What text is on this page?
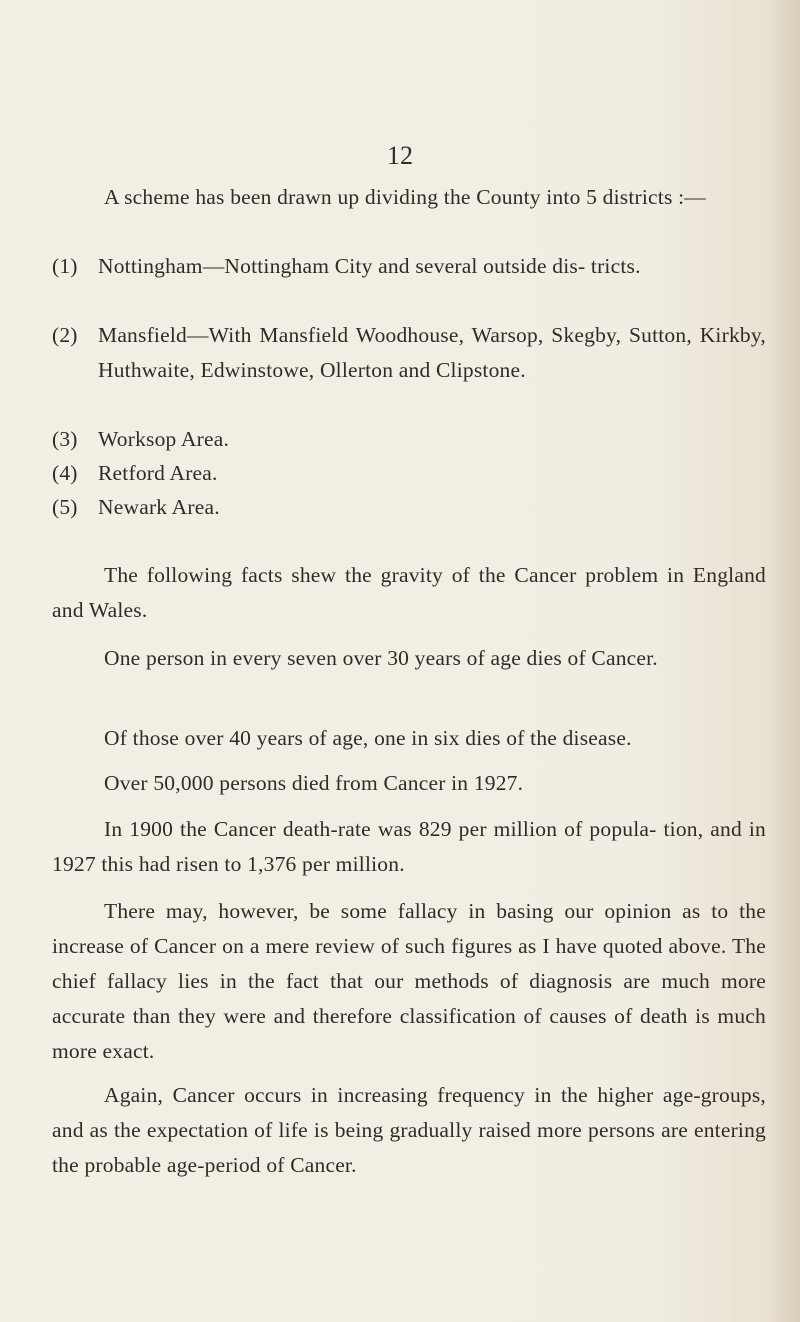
12
A scheme has been drawn up dividing the County into 5 districts :—
(1) Nottingham—Nottingham City and several outside dis- tricts.
(2) Mansfield—With Mansfield Woodhouse, Warsop, Skegby, Sutton, Kirkby, Huthwaite, Edwinstowe, Ollerton and Clipstone.
(3) Worksop Area.
(4) Retford Area.
(5) Newark Area.
The following facts shew the gravity of the Cancer problem in England and Wales.
One person in every seven over 30 years of age dies of Cancer.
Of those over 40 years of age, one in six dies of the disease.
Over 50,000 persons died from Cancer in 1927.
In 1900 the Cancer death-rate was 829 per million of popula- tion, and in 1927 this had risen to 1,376 per million.
There may, however, be some fallacy in basing our opinion as to the increase of Cancer on a mere review of such figures as I have quoted above. The chief fallacy lies in the fact that our methods of diagnosis are much more accurate than they were and therefore classification of causes of death is much more exact.
Again, Cancer occurs in increasing frequency in the higher age-groups, and as the expectation of life is being gradually raised more persons are entering the probable age-period of Cancer.
